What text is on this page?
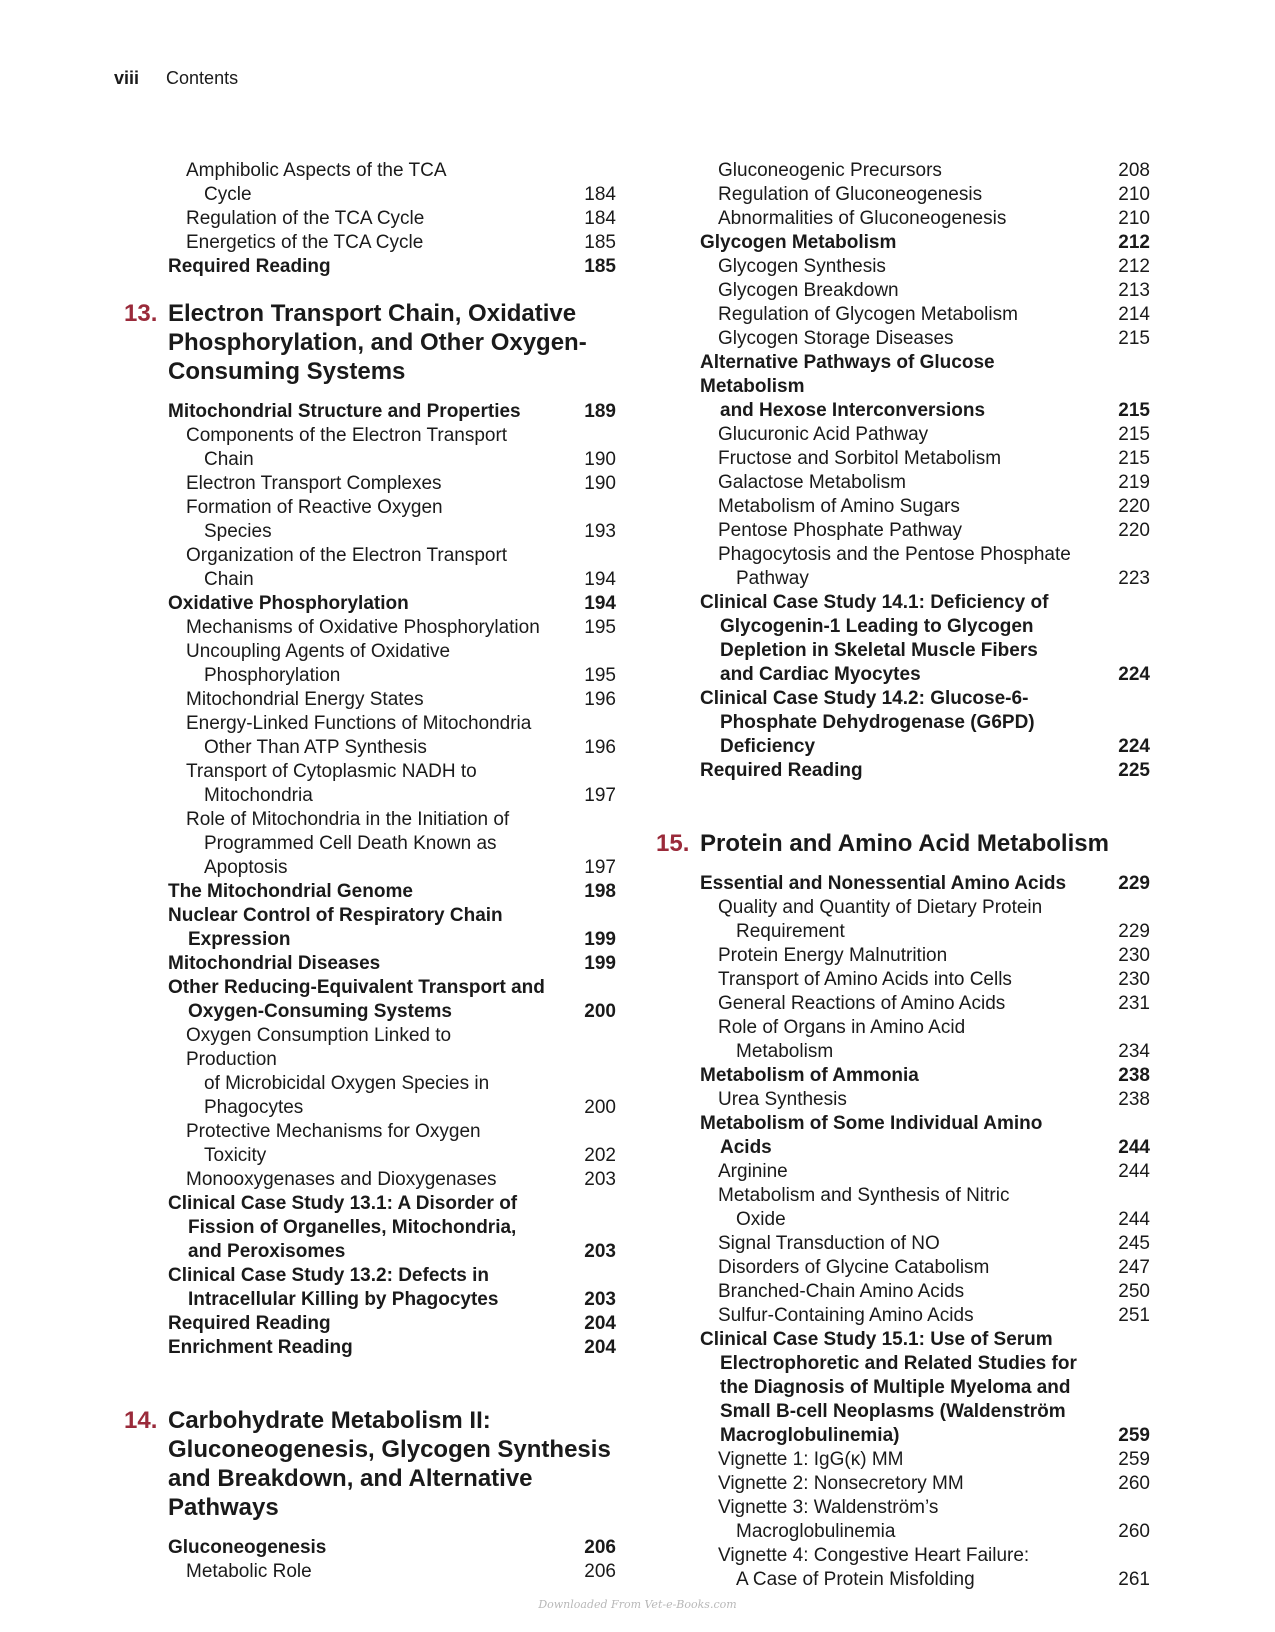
viii Contents
Amphibolic Aspects of the TCA
Cycle	184
Regulation of the TCA Cycle	184
Energetics of the TCA Cycle	185
Required Reading	185
13. Electron Transport Chain, Oxidative
Phosphorylation, and Other Oxygen-
Consuming Systems
Mitochondrial Structure and Properties	189
Components of the Electron Transport
Chain	190
Electron Transport Complexes	190
Formation of Reactive Oxygen
Species	193
Organization of the Electron Transport
Chain	194
Oxidative Phosphorylation	194
Mechanisms of Oxidative Phosphorylation	195
Uncoupling Agents of Oxidative
Phosphorylation	195
Mitochondrial Energy States	196
Energy-Linked Functions of Mitochondria
Other Than ATP Synthesis	196
Transport of Cytoplasmic NADH to
Mitochondria	197
Role of Mitochondria in the Initiation of
Programmed Cell Death Known as
Apoptosis	197
The Mitochondrial Genome	198
Nuclear Control of Respiratory Chain
Expression	199
Mitochondrial Diseases	199
Other Reducing-Equivalent Transport and
Oxygen-Consuming Systems	200
Oxygen Consumption Linked to Production
of Microbicidal Oxygen Species in
Phagocytes	200
Protective Mechanisms for Oxygen
Toxicity	202
Monooxygenases and Dioxygenases	203
Clinical Case Study 13.1: A Disorder of
Fission of Organelles, Mitochondria,
and Peroxisomes	203
Clinical Case Study 13.2: Defects in
Intracellular Killing by Phagocytes	203
Required Reading	204
Enrichment Reading	204
14. Carbohydrate Metabolism II:
Gluconeogenesis, Glycogen Synthesis
and Breakdown, and Alternative
Pathways
Gluconeogenesis	206
Metabolic Role	206
Gluconeogenic Precursors	208
Regulation of Gluconeogenesis	210
Abnormalities of Gluconeogenesis	210
Glycogen Metabolism	212
Glycogen Synthesis	212
Glycogen Breakdown	213
Regulation of Glycogen Metabolism	214
Glycogen Storage Diseases	215
Alternative Pathways of Glucose Metabolism
and Hexose Interconversions	215
Glucuronic Acid Pathway	215
Fructose and Sorbitol Metabolism	215
Galactose Metabolism	219
Metabolism of Amino Sugars	220
Pentose Phosphate Pathway	220
Phagocytosis and the Pentose Phosphate
Pathway	223
Clinical Case Study 14.1: Deficiency of
Glycogenin-1 Leading to Glycogen
Depletion in Skeletal Muscle Fibers
and Cardiac Myocytes	224
Clinical Case Study 14.2: Glucose-6-
Phosphate Dehydrogenase (G6PD)
Deficiency	224
Required Reading	225
15. Protein and Amino Acid Metabolism
Essential and Nonessential Amino Acids	229
Quality and Quantity of Dietary Protein
Requirement	229
Protein Energy Malnutrition	230
Transport of Amino Acids into Cells	230
General Reactions of Amino Acids	231
Role of Organs in Amino Acid
Metabolism	234
Metabolism of Ammonia	238
Urea Synthesis	238
Metabolism of Some Individual Amino
Acids	244
Arginine	244
Metabolism and Synthesis of Nitric
Oxide	244
Signal Transduction of NO	245
Disorders of Glycine Catabolism	247
Branched-Chain Amino Acids	250
Sulfur-Containing Amino Acids	251
Clinical Case Study 15.1: Use of Serum
Electrophoretic and Related Studies for
the Diagnosis of Multiple Myeloma and
Small B-cell Neoplasms (Waldenström
Macroglobulinemia)	259
Vignette 1: IgG(κ) MM	259
Vignette 2: Nonsecretory MM	260
Vignette 3: Waldenström’s
Macroglobulinemia	260
Vignette 4: Congestive Heart Failure:
A Case of Protein Misfolding	261
Downloaded From Vet-e-Books.com
